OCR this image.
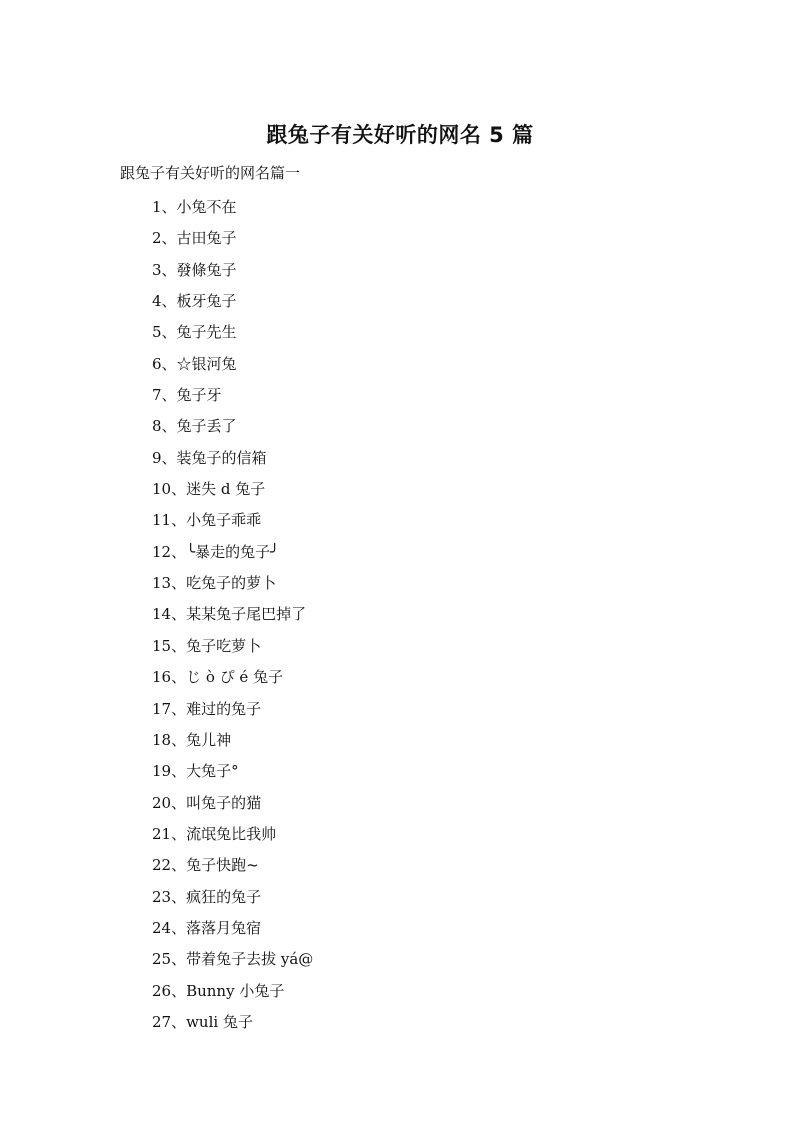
跟兔子有关好听的网名 5 篇
跟兔子有关好听的网名篇一
1、小兔不在
2、古田兔子
3、發條兔子
4、板牙兔子
5、兔子先生
6、☆银河兔
7、兔子牙
8、兔子丢了
9、装兔子的信箱
10、迷失 d 兔子
11、小兔子乖乖
12、╰暴走的兔子╯
13、吃兔子的萝卜
14、某某兔子尾巴掉了
15、兔子吃萝卜
16、じ ò ぴ é 兔子
17、难过的兔子
18、兔儿神
19、大兔子°
20、叫兔子的猫
21、流氓兔比我帅
22、兔子快跑~
23、疯狂的兔子
24、落落月兔宿
25、带着兔子去拔 yá@
26、Bunny 小兔子
27、wuli 兔子
